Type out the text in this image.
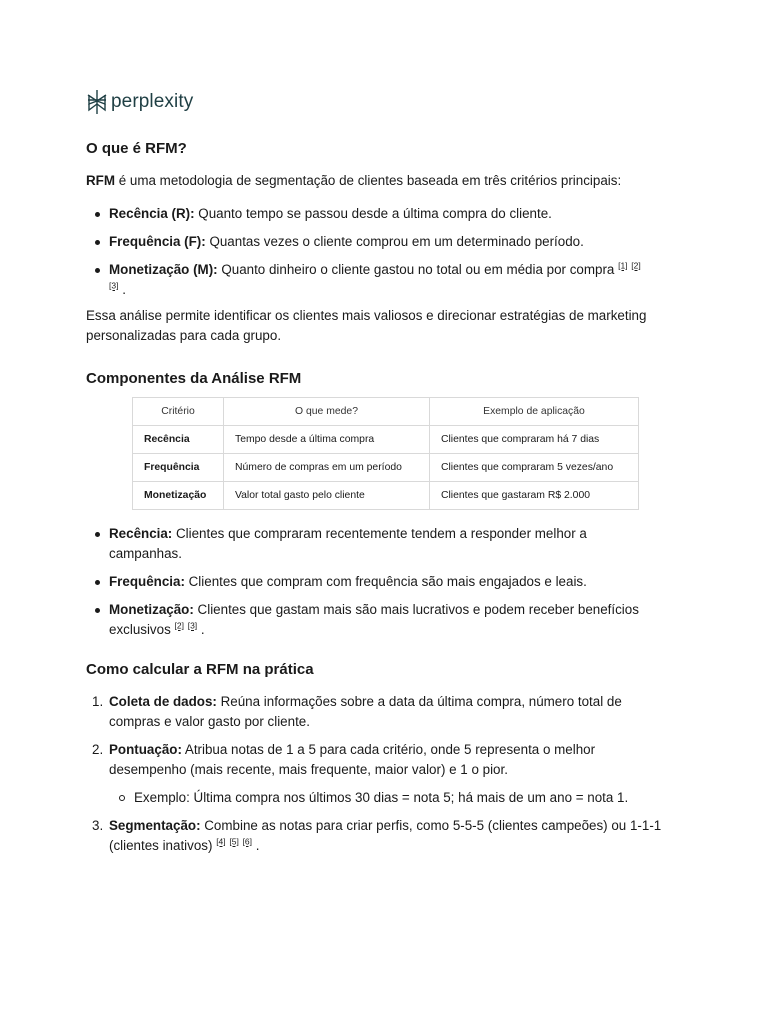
perplexity
O que é RFM?

RFM é uma metodologia de segmentação de clientes baseada em três critérios principais:

Recência (R): Quanto tempo se passou desde a última compra do cliente.
Frequência (F): Quantas vezes o cliente comprou em um determinado período.
Monetização (M): Quanto dinheiro o cliente gastou no total ou em média por compra [1] [2]
[3] .

Essa análise permite identificar os clientes mais valiosos e direcionar estratégias de marketing personalizadas para cada grupo.

Componentes da Análise RFM
Critério	O que mede?	Exemplo de aplicação
Recência	Tempo desde a última compra	Clientes que compraram há 7 dias
Frequência	Número de compras em um período	Clientes que compraram 5 vezes/ano
Monetização	Valor total gasto pelo cliente	Clientes que gastaram R$ 2.000
Recência: Clientes que compraram recentemente tendem a responder melhor a campanhas.
Frequência: Clientes que compram com frequência são mais engajados e leais.
Monetização: Clientes que gastam mais são mais lucrativos e podem receber benefícios exclusivos [2] [3] .
Como calcular a RFM na prática
1. Coleta de dados: Reúna informações sobre a data da última compra, número total de compras e valor gasto por cliente.
2. Pontuação: Atribua notas de 1 a 5 para cada critério, onde 5 representa o melhor desempenho (mais recente, mais frequente, maior valor) e 1 o pior.
Exemplo: Última compra nos últimos 30 dias = nota 5; há mais de um ano = nota 1.
3. Segmentação: Combine as notas para criar perfis, como 5-5-5 (clientes campeões) ou 1-1-1 (clientes inativos) [4] [5] [6] .
